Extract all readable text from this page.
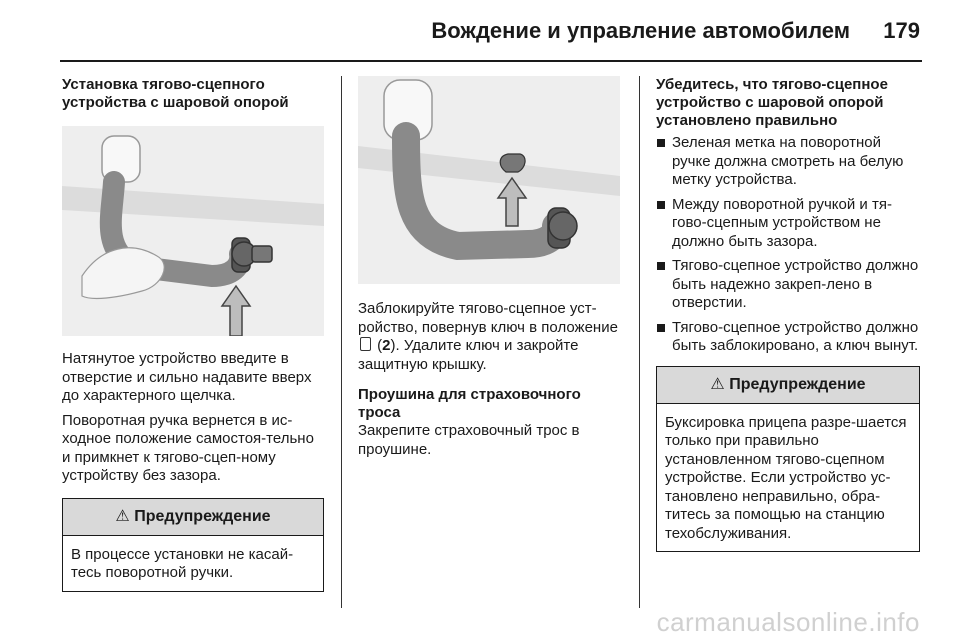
Вождение и управление автомобилем 179
Установка тягово-сцепного устройства с шаровой опорой

Натянутое устройство введите в отверстие и сильно надавите вверх до характерного щелчка.

Поворотная ручка вернется в ис-ходное положение самостоя-тельно и примкнет к тягово-сцеп-ному устройству без зазора.

⚠ Предупреждение
В процессе установки не касай-тесь поворотной ручки.

Заблокируйте тягово-сцепное уст-ройство, повернув ключ в положение  (2). Удалите ключ и закройте защитную крышку.

Проушина для страховочного троса

Закрепите страховочный трос в проушине.

Убедитесь, что тягово-сцепное устройство с шаровой опорой установлено правильно
Зеленая метка на поворотной ручке должна смотреть на белую метку устройства.
Между поворотной ручкой и тя-гово-сцепным устройством не должно быть зазора.
Тягово-сцепное устройство должно быть надежно закреп-лено в отверстии.
Тягово-сцепное устройство должно быть заблокировано, а ключ вынут.
⚠ Предупреждение
Буксировка прицепа разре-шается только при правильно установленном тягово-сцепном устройстве. Если устройство ус-тановлено неправильно, обра-титесь за помощью на станцию техобслуживания.
carmanualsonline.info
